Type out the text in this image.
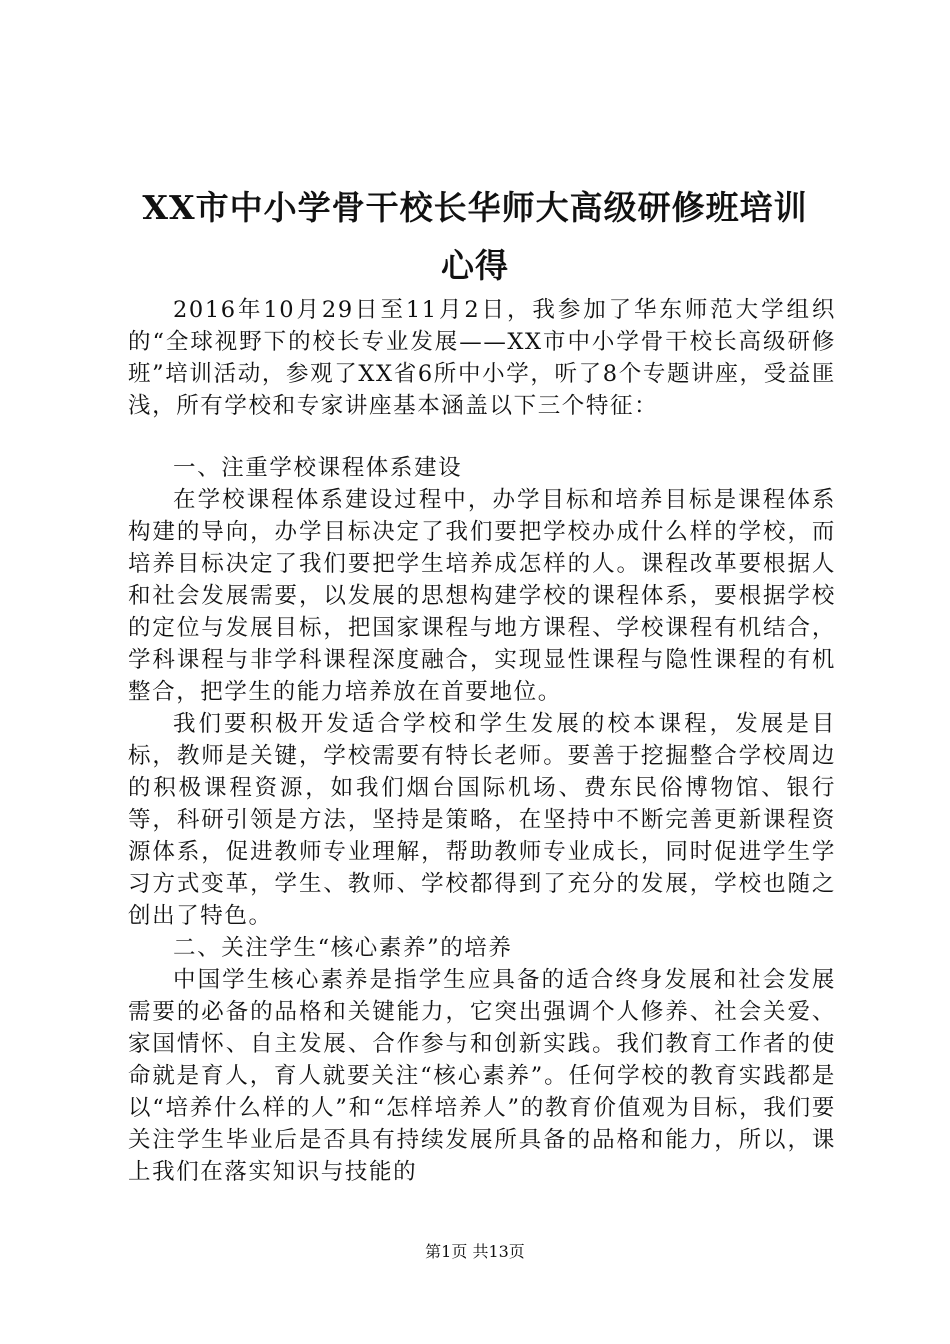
XX市中小学骨干校长华师大高级研修班培训
心得

2016年10月29日至11月2日，我参加了华东师范大学组织的“全球视野下的校长专业发展——XX市中小学骨干校长高级研修班”培训活动，参观了XX省6所中小学，听了8个专题讲座，受益匪浅，所有学校和专家讲座基本涵盖以下三个特征：

一、注重学校课程体系建设

在学校课程体系建设过程中，办学目标和培养目标是课程体系构建的导向，办学目标决定了我们要把学校办成什么样的学校，而培养目标决定了我们要把学生培养成怎样的人。课程改革要根据人和社会发展需要，以发展的思想构建学校的课程体系，要根据学校的定位与发展目标，把国家课程与地方课程、学校课程有机结合，学科课程与非学科课程深度融合，实现显性课程与隐性课程的有机整合，把学生的能力培养放在首要地位。

我们要积极开发适合学校和学生发展的校本课程，发展是目标，教师是关键，学校需要有特长老师。要善于挖掘整合学校周边的积极课程资源，如我们烟台国际机场、费东民俗博物馆、银行等，科研引领是方法，坚持是策略，在坚持中不断完善更新课程资源体系，促进教师专业理解，帮助教师专业成长，同时促进学生学习方式变革，学生、教师、学校都得到了充分的发展，学校也随之创出了特色。

二、关注学生“核心素养”的培养

中国学生核心素养是指学生应具备的适合终身发展和社会发展需要的必备的品格和关键能力，它突出强调个人修养、社会关爱、家国情怀、自主发展、合作参与和创新实践。我们教育工作者的使命就是育人，育人就要关注“核心素养”。任何学校的教育实践都是以“培养什么样的人”和“怎样培养人”的教育价值观为目标，我们要关注学生毕业后是否具有持续发展所具备的品格和能力，所以，课上我们在落实知识与技能的

第1页 共13页
